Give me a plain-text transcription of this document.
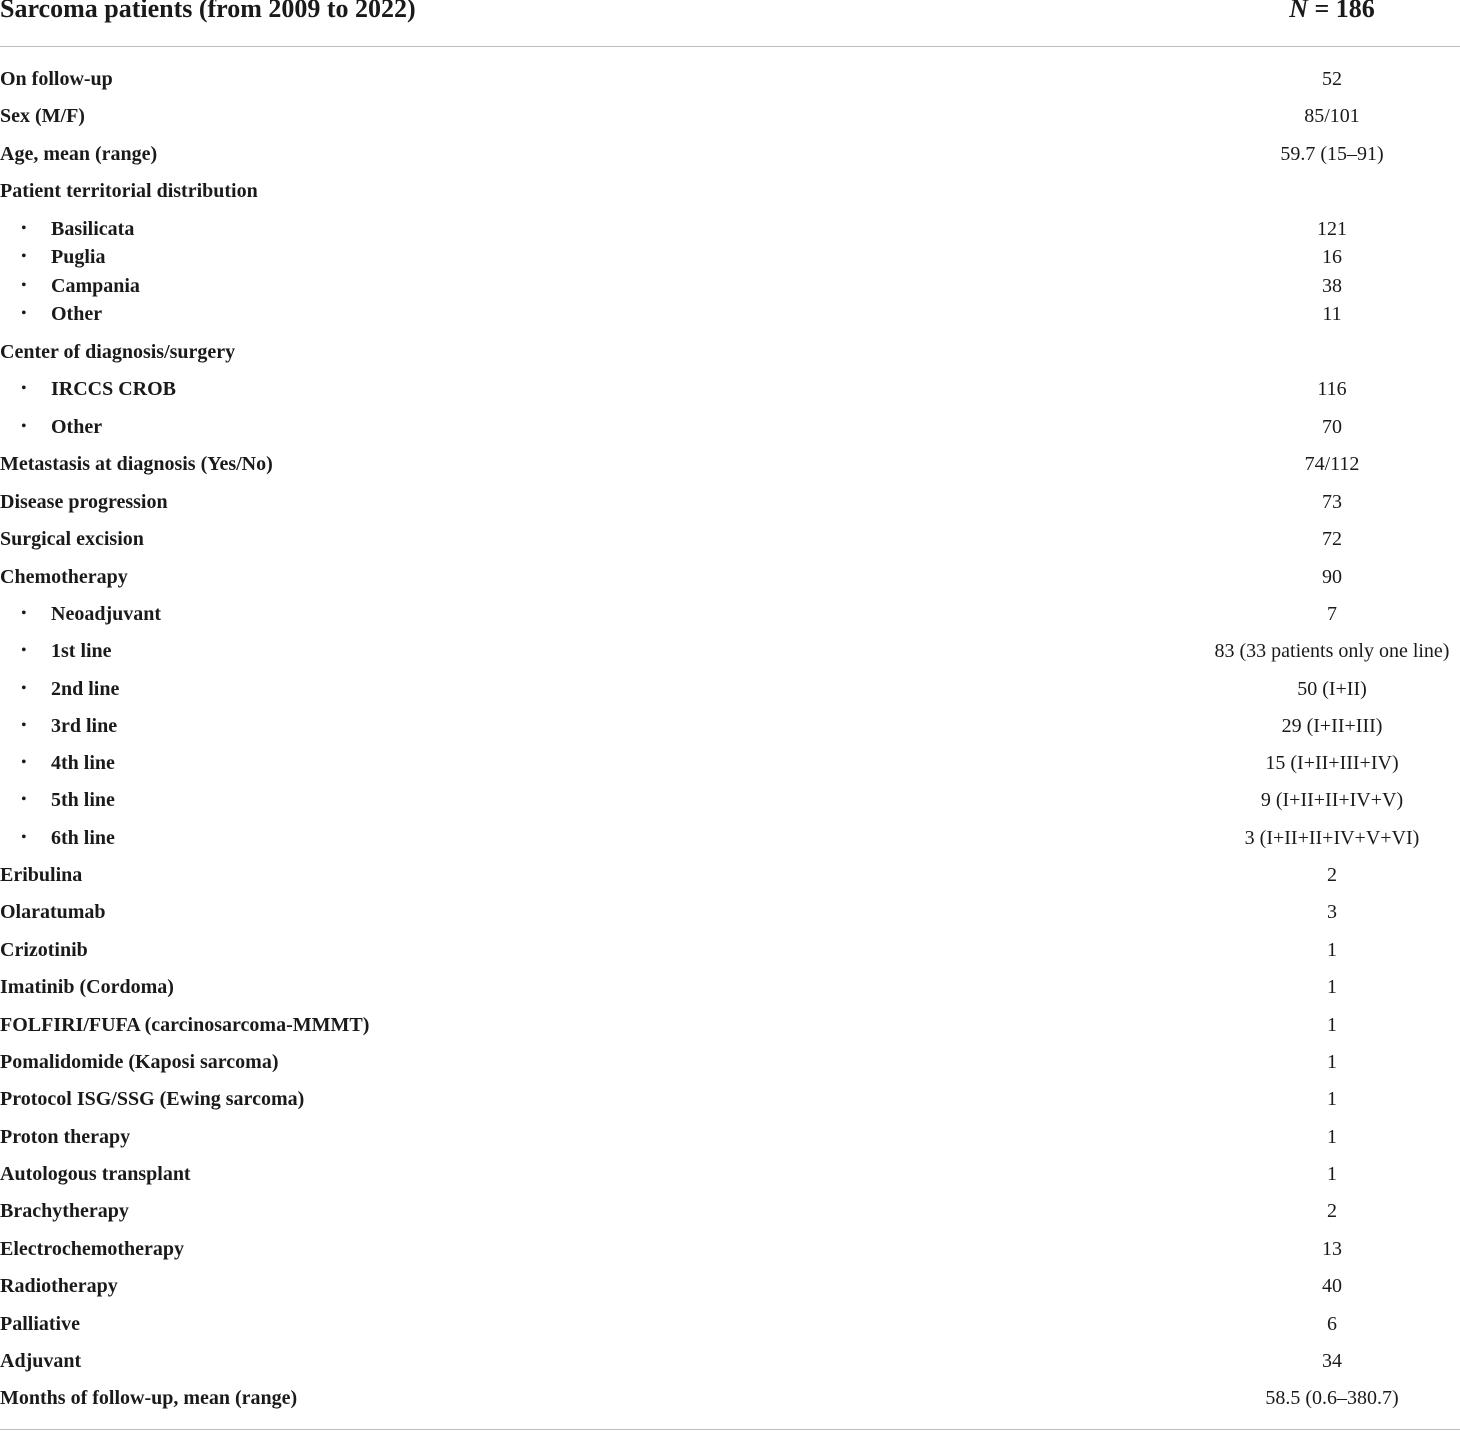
Sarcoma patients (from 2009 to 2022)	N = 186
On follow-up	52
Sex (M/F)	85/101
Age, mean (range)	59.7 (15–91)
Patient territorial distribution
• Basilicata	121
• Puglia	16
• Campania	38
• Other	11
Center of diagnosis/surgery
• IRCCS CROB	116
• Other	70
Metastasis at diagnosis (Yes/No)	74/112
Disease progression	73
Surgical excision	72
Chemotherapy	90
• Neoadjuvant	7
• 1st line	83 (33 patients only one line)
• 2nd line	50 (I+II)
• 3rd line	29 (I+II+III)
• 4th line	15 (I+II+III+IV)
• 5th line	9 (I+II+II+IV+V)
• 6th line	3 (I+II+II+IV+V+VI)
Eribulina	2
Olaratumab	3
Crizotinib	1
Imatinib (Cordoma)	1
FOLFIRI/FUFA (carcinosarcoma-MMMT)	1
Pomalidomide (Kaposi sarcoma)	1
Protocol ISG/SSG (Ewing sarcoma)	1
Proton therapy	1
Autologous transplant	1
Brachytherapy	2
Electrochemotherapy	13
Radiotherapy	40
Palliative	6
Adjuvant	34
Months of follow-up, mean (range)	58.5 (0.6–380.7)
